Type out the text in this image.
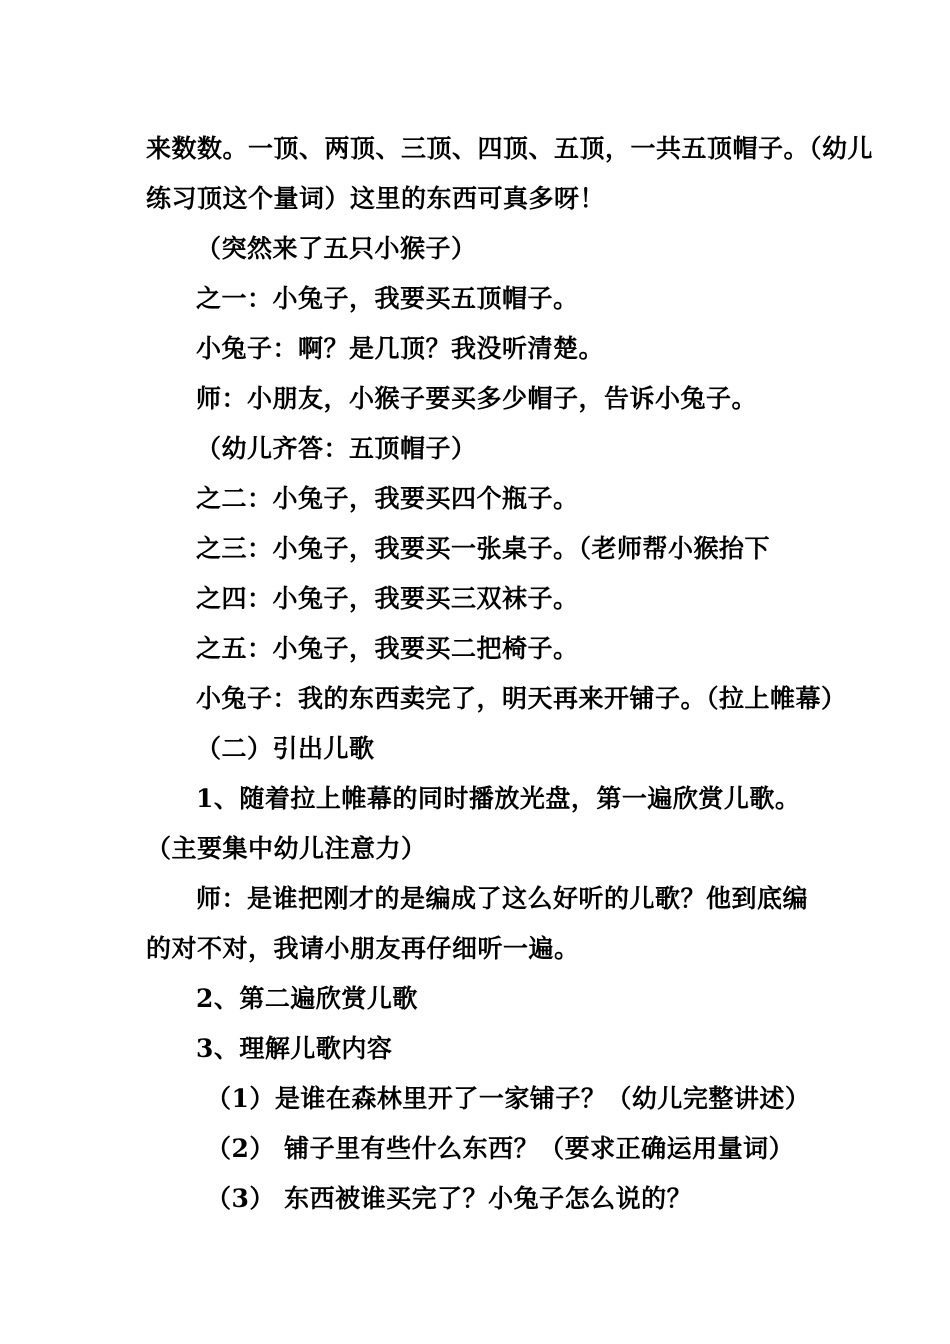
来数数。一顶、两顶、三顶、四顶、五顶，一共五顶帽子。（幼儿
练习顶这个量词）这里的东西可真多呀！
（突然来了五只小猴子）
之一：小兔子，我要买五顶帽子。
小兔子：啊？是几顶？我没听清楚。
师：小朋友，小猴子要买多少帽子，告诉小兔子。
（幼儿齐答：五顶帽子）
之二：小兔子，我要买四个瓶子。
之三：小兔子，我要买一张桌子。（老师帮小猴抬下
之四：小兔子，我要买三双袜子。
之五：小兔子，我要买二把椅子。
小兔子：我的东西卖完了，明天再来开铺子。（拉上帷幕）
（二）引出儿歌
1、随着拉上帷幕的同时播放光盘，第一遍欣赏儿歌。
（主要集中幼儿注意力）
师：是谁把刚才的是编成了这么好听的儿歌？他到底编
的对不对，我请小朋友再仔细听一遍。
2、第二遍欣赏儿歌
3、理解儿歌内容
（1）是谁在森林里开了一家铺子？（幼儿完整讲述）
（2） 铺子里有些什么东西？（要求正确运用量词）
（3） 东西被谁买完了？小兔子怎么说的？
